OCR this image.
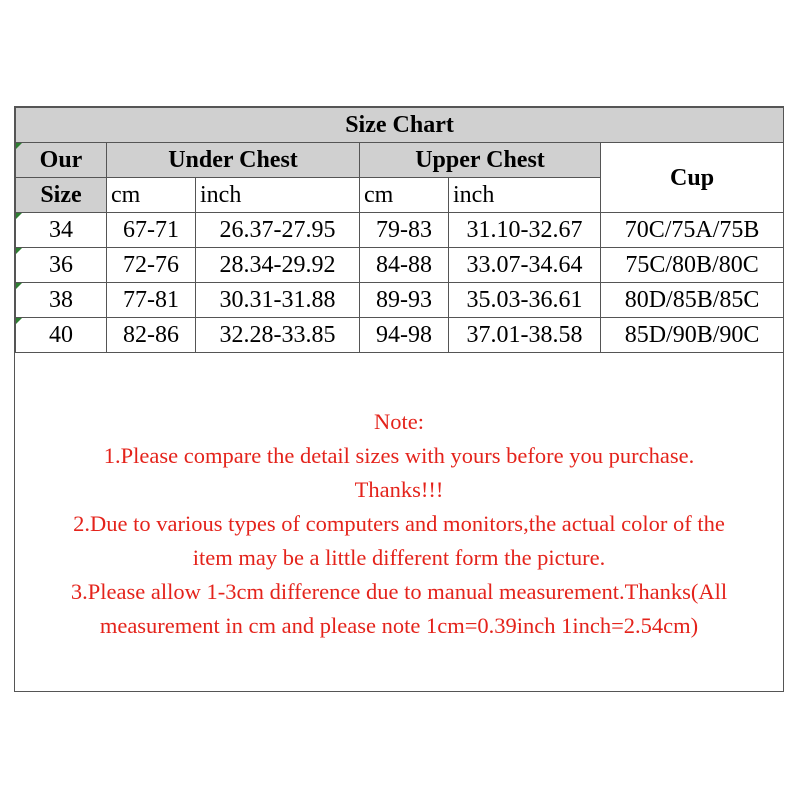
Size Chart					
Our	Under Chest		Upper Chest		Cup
Size	cm	inch	cm	inch	
34	67-71	26.37-27.95	79-83	31.10-32.67	70C/75A/75B
36	72-76	28.34-29.92	84-88	33.07-34.64	75C/80B/80C
38	77-81	30.31-31.88	89-93	35.03-36.61	80D/85B/85C
40	82-86	32.28-33.85	94-98	37.01-38.58	85D/90B/90C
Note:
1.Please compare the detail sizes with yours before you purchase.
Thanks!!!
2.Due to various types of computers and monitors,the actual color of the
item may be a little different form the picture.
3.Please allow 1-3cm difference due to manual measurement.Thanks(All
measurement in cm and please note 1cm=0.39inch 1inch=2.54cm)
